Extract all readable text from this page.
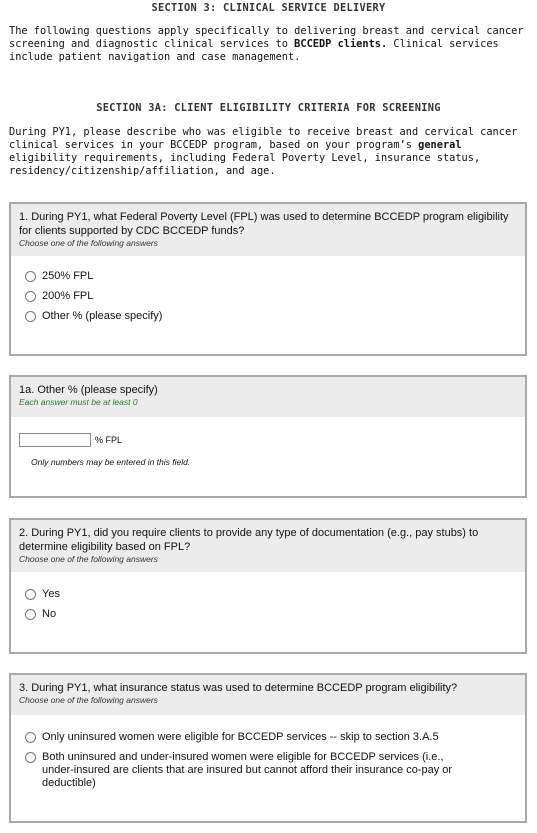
SECTION 3: CLINICAL SERVICE DELIVERY
The following questions apply specifically to delivering breast and cervical cancer screening and diagnostic clinical services to BCCEDP clients. Clinical services include patient navigation and case management.
SECTION 3A: CLIENT ELIGIBILITY CRITERIA FOR SCREENING
During PY1, please describe who was eligible to receive breast and cervical cancer clinical services in your BCCEDP program, based on your program’s general eligibility requirements, including Federal Poverty Level, insurance status, residency/citizenship/affiliation, and age.
1. During PY1, what Federal Poverty Level (FPL) was used to determine BCCEDP program eligibility for clients supported by CDC BCCEDP funds?
Choose one of the following answers
250% FPL
200% FPL
Other % (please specify)
1a. Other % (please specify)
Each answer must be at least 0
% FPL
Only numbers may be entered in this field.
2. During PY1, did you require clients to provide any type of documentation (e.g., pay stubs) to determine eligibility based on FPL?
Choose one of the following answers
Yes
No
3. During PY1, what insurance status was used to determine BCCEDP program eligibility?
Choose one of the following answers
Only uninsured women were eligible for BCCEDP services -- skip to section 3.A.5
Both uninsured and under-insured women were eligible for BCCEDP services (i.e., under-insured are clients that are insured but cannot afford their insurance co-pay or deductible)
